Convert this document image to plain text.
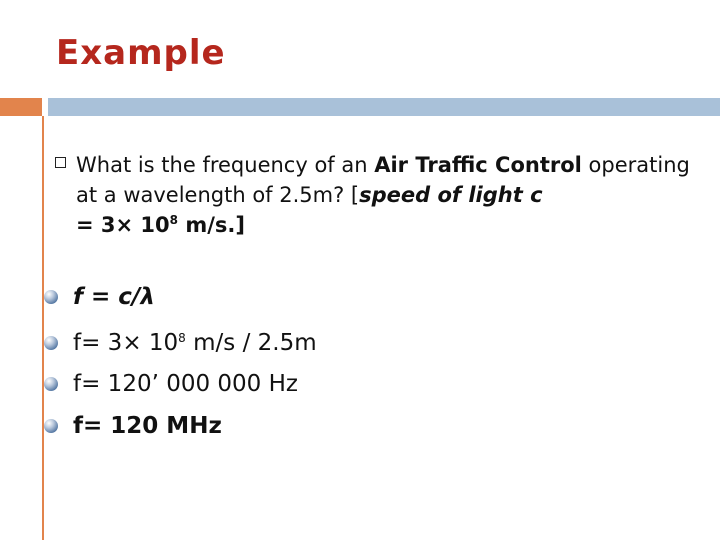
Example
What is the frequency of an Air Traffic Control operating at a wavelength of 2.5m? [speed of light c
= $3\times 10^8$ m/s.]
f = c/λ
$f= 3\times 10^8$ m/s / 2.5m
f= 120’ 000 000 Hz
f= 120 MHz
